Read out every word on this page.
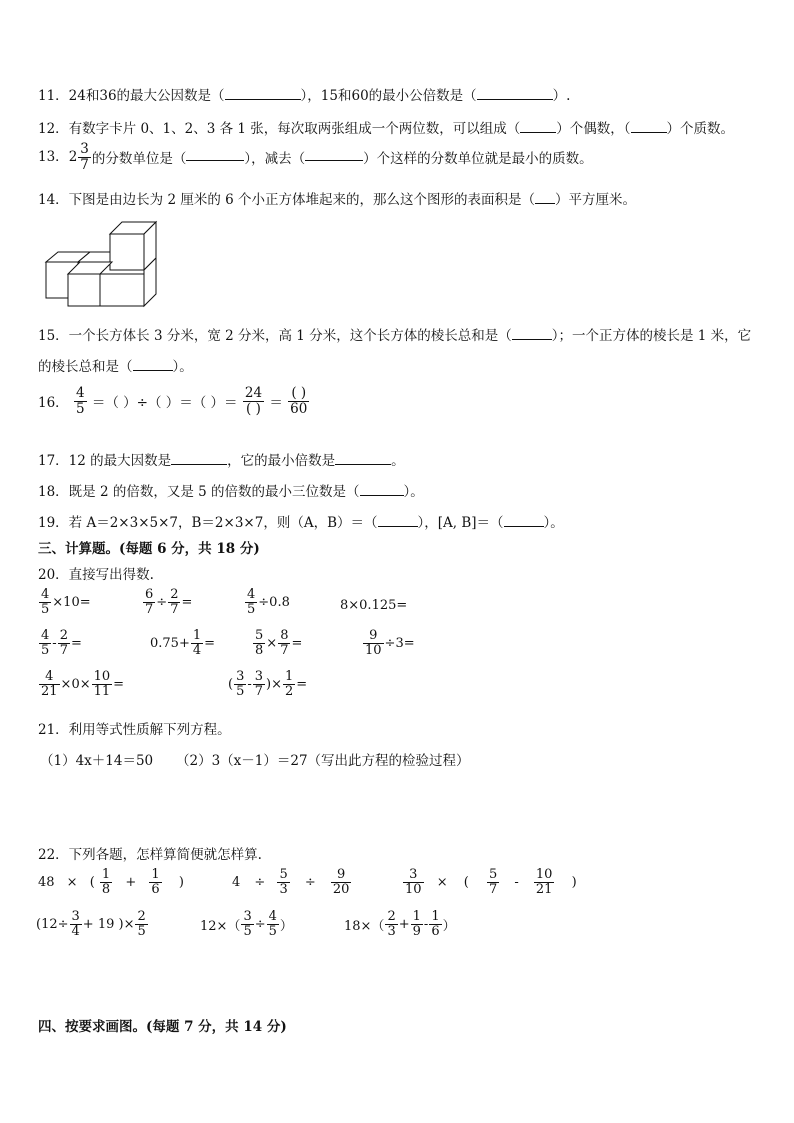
11．24和36的最大公因数是（	），15和60的最小公倍数是（	）.
12．有数字卡片 0、1、2、3 各 1 张，每次取两张组成一个两位数，可以组成（	）个偶数，（	）个质数。
13．$2 \frac{3}{7}$ 的分数单位是（	），减去（	）个这样的分数单位就是最小的质数。
14．下图是由边长为 2 厘米的 6 个小正方体堆起来的，那么这个图形的表面积是（ ）平方厘米。
15．一个长方体长 3 分米，宽 2 分米，高 1 分米，这个长方体的棱长总和是（	）；一个正方体的棱长是 1 米，它
的棱长总和是（	）。
16． $\frac{4}{5}$ ＝（ ）÷（ ）＝（ ）＝ $\frac{24}{( )} = \frac{( )}{60}$
17．12 的最大因数是	，它的最小倍数是	。
18．既是 2 的倍数，又是 5 的倍数的最小三位数是（	）。
19．若 A＝2×3×5×7，B＝2×3×7，则（A，B）＝（	），[A, B]＝（	）。
三、计算题。(每题 6 分，共 18 分)
20．直接写出得数.
$\frac{4}{5} \times 10=$	$\frac{6}{7} \div \frac{2}{7}$ =	$\frac{4}{5} \div 0.8$	8×0.125=
$\frac{4}{5} - \frac{2}{7}$ =	$0.75+ \frac{1}{4}$ =	$\frac{5}{8} \times \frac{8}{7}$ =	$\frac{9}{10} \div 3=$
$\frac{4}{21} \times 0\times \frac{10}{11}$ =	( $\frac{3}{5} - \frac{3}{7}$ )× $\frac{1}{2}$ =
21．利用等式性质解下列方程。
（1）4x＋14＝50 （2）3（x－1）＝27（写出此方程的检验过程）
22．下列各题，怎样算简便就怎样算.
48 × ( $\frac{1}{8} + \frac{1}{6}$ )	$4 \div \frac{5}{3} \div \frac{9}{20}$	$\frac{3}{10}$ × ( $\frac{5}{7} - \frac{10}{21}$ )
($12\div \frac{3}{4} + 19$ )× $\frac{2}{5}$	$12\times( \frac{3}{5} \div \frac{4}{5}$ ）	$18\times( \frac{2}{3} + \frac{1}{9} - \frac{1}{6}$ ）
四、按要求画图。(每题 7 分，共 14 分)
